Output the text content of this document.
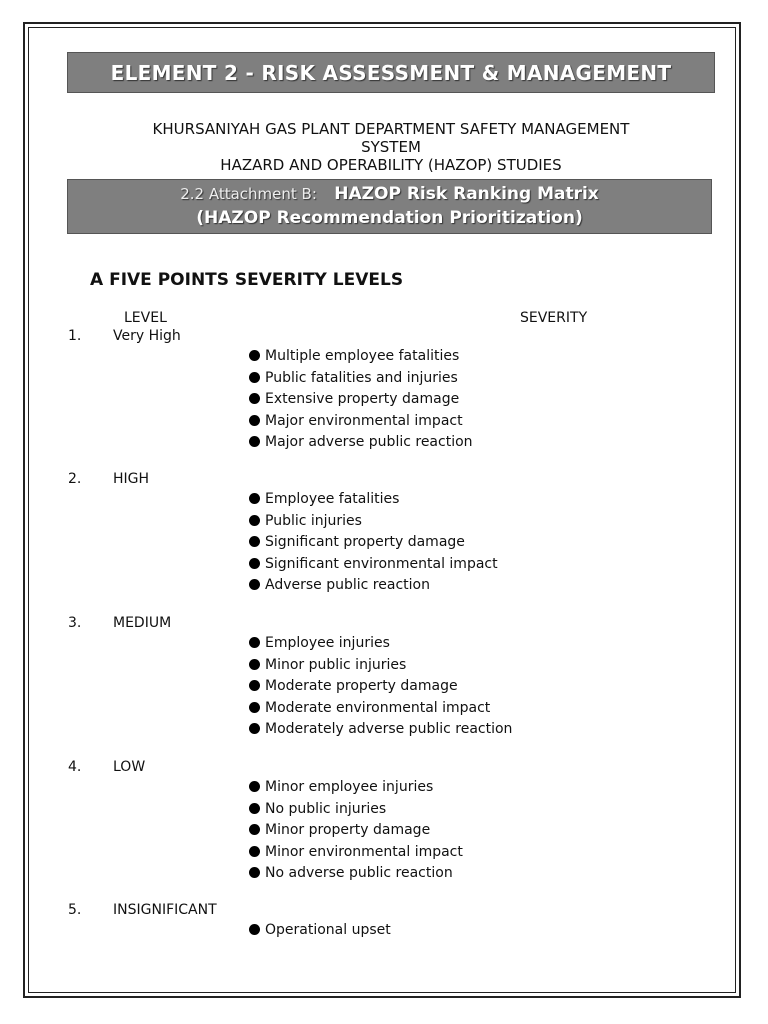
ELEMENT 2 - RISK ASSESSMENT & MANAGEMENT
KHURSANIYAH GAS PLANT DEPARTMENT SAFETY MANAGEMENT
SYSTEM
HAZARD AND OPERABILITY (HAZOP) STUDIES
2.2 Attachment B: HAZOP Risk Ranking Matrix
(HAZOP Recommendation Prioritization)
A FIVE POINTS SEVERITY LEVELS
LEVEL	SEVERITY
1.	Very High
Multiple employee fatalities
Public fatalities and injuries
Extensive property damage
Major environmental impact
Major adverse public reaction
2.	HIGH
Employee fatalities
Public injuries
Significant property damage
Significant environmental impact
Adverse public reaction
3.	MEDIUM
Employee injuries
Minor public injuries
Moderate property damage
Moderate environmental impact
Moderately adverse public reaction
4.	LOW
Minor employee injuries
No public injuries
Minor property damage
Minor environmental impact
No adverse public reaction
5.	INSIGNIFICANT
Operational upset
